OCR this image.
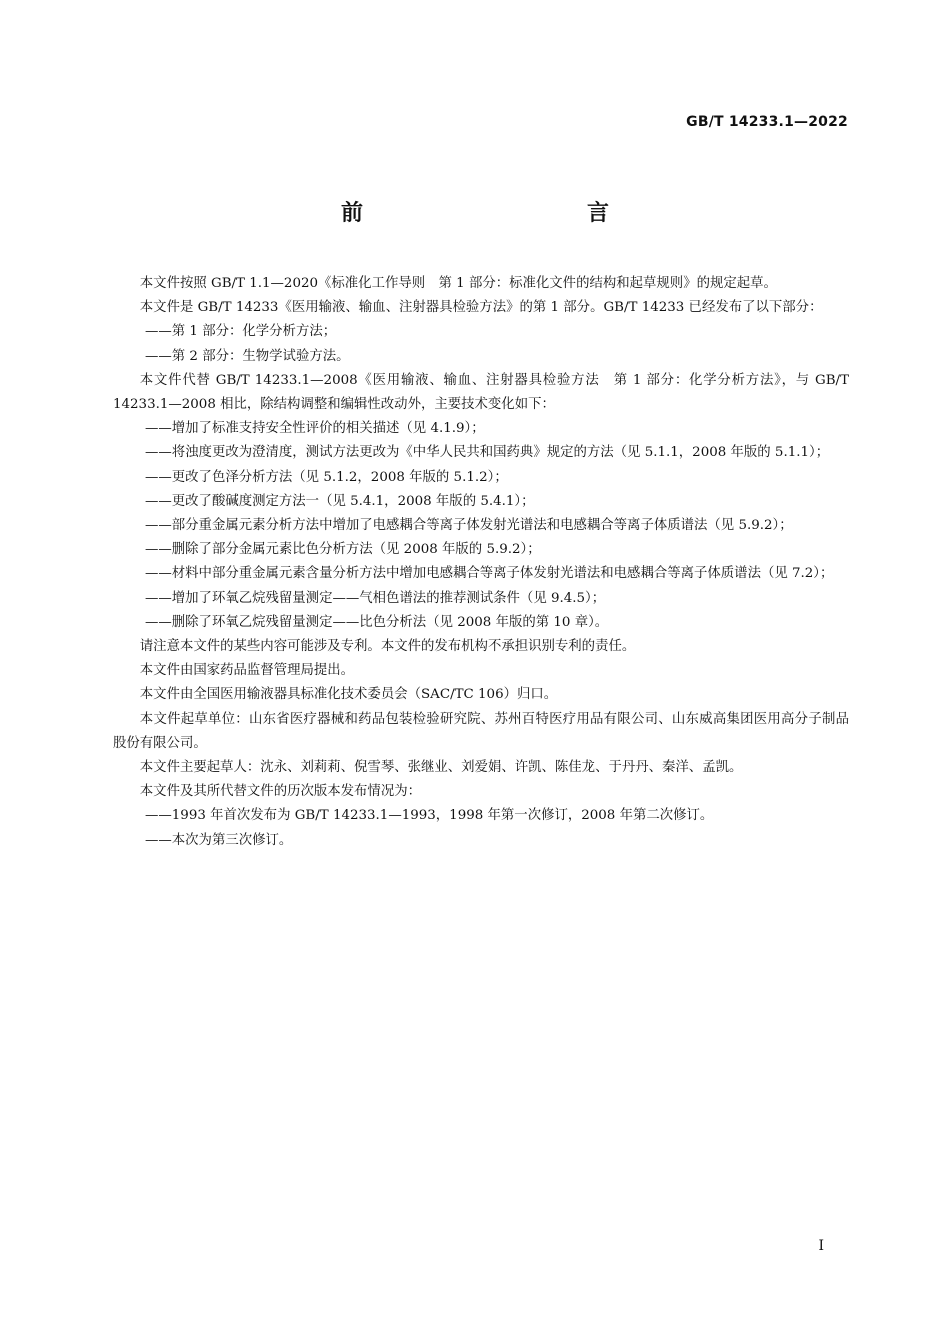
GB/T 14233.1—2022
前　　言

本文件按照 GB/T 1.1—2020《标准化工作导则　第 1 部分：标准化文件的结构和起草规则》的规定起草。

本文件是 GB/T 14233《医用输液、输血、注射器具检验方法》的第 1 部分。GB/T 14233 已经发布了以下部分：

——第 1 部分：化学分析方法；

——第 2 部分：生物学试验方法。

本文件代替 GB/T 14233.1—2008《医用输液、输血、注射器具检验方法　第 1 部分：化学分析方法》，与 GB/T 14233.1—2008 相比，除结构调整和编辑性改动外，主要技术变化如下：

——增加了标准支持安全性评价的相关描述（见 4.1.9）；

——将浊度更改为澄清度，测试方法更改为《中华人民共和国药典》规定的方法（见 5.1.1，2008 年版的 5.1.1）；

——更改了色泽分析方法（见 5.1.2，2008 年版的 5.1.2）；

——更改了酸碱度测定方法一（见 5.4.1，2008 年版的 5.4.1）；

——部分重金属元素分析方法中增加了电感耦合等离子体发射光谱法和电感耦合等离子体质谱法（见 5.9.2）；

——删除了部分金属元素比色分析方法（见 2008 年版的 5.9.2）；

——材料中部分重金属元素含量分析方法中增加电感耦合等离子体发射光谱法和电感耦合等离子体质谱法（见 7.2）；

——增加了环氧乙烷残留量测定——气相色谱法的推荐测试条件（见 9.4.5）；

——删除了环氧乙烷残留量测定——比色分析法（见 2008 年版的第 10 章）。

请注意本文件的某些内容可能涉及专利。本文件的发布机构不承担识别专利的责任。

本文件由国家药品监督管理局提出。

本文件由全国医用输液器具标准化技术委员会（SAC/TC 106）归口。

本文件起草单位：山东省医疗器械和药品包装检验研究院、苏州百特医疗用品有限公司、山东威高集团医用高分子制品股份有限公司。

本文件主要起草人：沈永、刘莉莉、倪雪琴、张继业、刘爱娟、许凯、陈佳龙、于丹丹、秦洋、孟凯。

本文件及其所代替文件的历次版本发布情况为：

——1993 年首次发布为 GB/T 14233.1—1993，1998 年第一次修订，2008 年第二次修订。

——本次为第三次修订。

I
